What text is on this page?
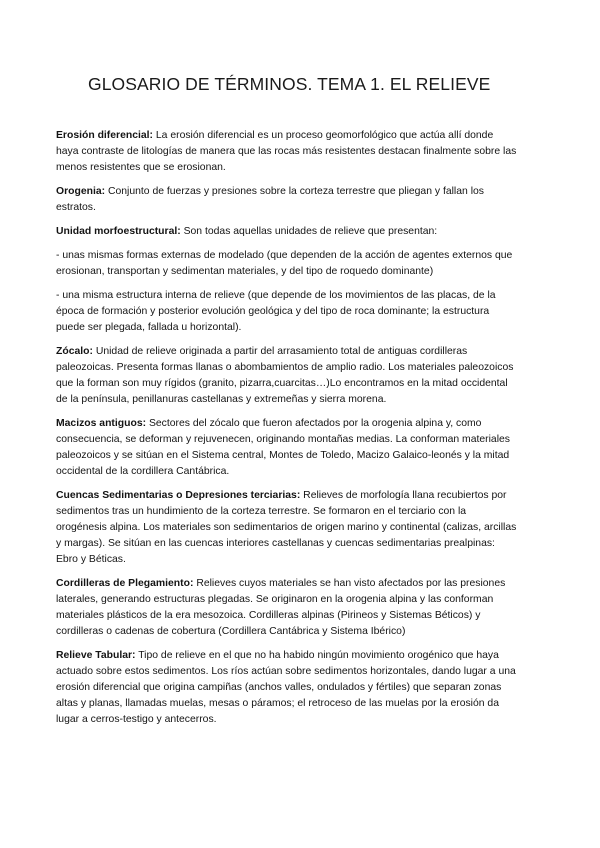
GLOSARIO DE TÉRMINOS. TEMA 1. EL RELIEVE

Erosión diferencial: La erosión diferencial es un proceso geomorfológico que actúa allí donde haya contraste de litologías de manera que las rocas más resistentes destacan finalmente sobre las menos resistentes que se erosionan.

Orogenia: Conjunto de fuerzas y presiones sobre la corteza terrestre que pliegan y fallan los estratos.

Unidad morfoestructural: Son todas aquellas unidades de relieve que presentan:

- unas mismas formas externas de modelado (que dependen de la acción de agentes externos que erosionan, transportan y sedimentan materiales, y del tipo de roquedo dominante)

- una misma estructura interna de relieve (que depende de los movimientos de las placas, de la época de formación y posterior evolución geológica y del tipo de roca dominante; la estructura puede ser plegada, fallada u horizontal).

Zócalo: Unidad de relieve originada a partir del arrasamiento total de antiguas cordilleras paleozoicas. Presenta formas llanas o abombamientos de amplio radio. Los materiales paleozoicos que la forman son muy rígidos (granito, pizarra,cuarcitas…)Lo encontramos en la mitad occidental de la península, penillanuras castellanas y extremeñas y sierra morena.

Macizos antiguos: Sectores del zócalo que fueron afectados por la orogenia alpina y, como consecuencia, se deforman y rejuvenecen, originando montañas medias. La conforman materiales paleozoicos y se sitúan en el Sistema central, Montes de Toledo, Macizo Galaico-leonés y la mitad occidental de la cordillera Cantábrica.

Cuencas Sedimentarias o Depresiones terciarias: Relieves de morfología llana recubiertos por sedimentos tras un hundimiento de la corteza terrestre. Se formaron en el terciario con la orogénesis alpina. Los materiales son sedimentarios de origen marino y continental (calizas, arcillas y margas). Se sitúan en las cuencas interiores castellanas y cuencas sedimentarias prealpinas: Ebro y Béticas.

Cordilleras de Plegamiento: Relieves cuyos materiales se han visto afectados por las presiones laterales, generando estructuras plegadas. Se originaron en la orogenia alpina y las conforman materiales plásticos de la era mesozoica. Cordilleras alpinas (Pirineos y Sistemas Béticos) y cordilleras o cadenas de cobertura (Cordillera Cantábrica y Sistema Ibérico)

Relieve Tabular: Tipo de relieve en el que no ha habido ningún movimiento orogénico que haya actuado sobre estos sedimentos. Los ríos actúan sobre sedimentos horizontales, dando lugar a una erosión diferencial que origina campiñas (anchos valles, ondulados y fértiles) que separan zonas altas y planas, llamadas muelas, mesas o páramos; el retroceso de las muelas por la erosión da lugar a cerros-testigo y antecerros.
